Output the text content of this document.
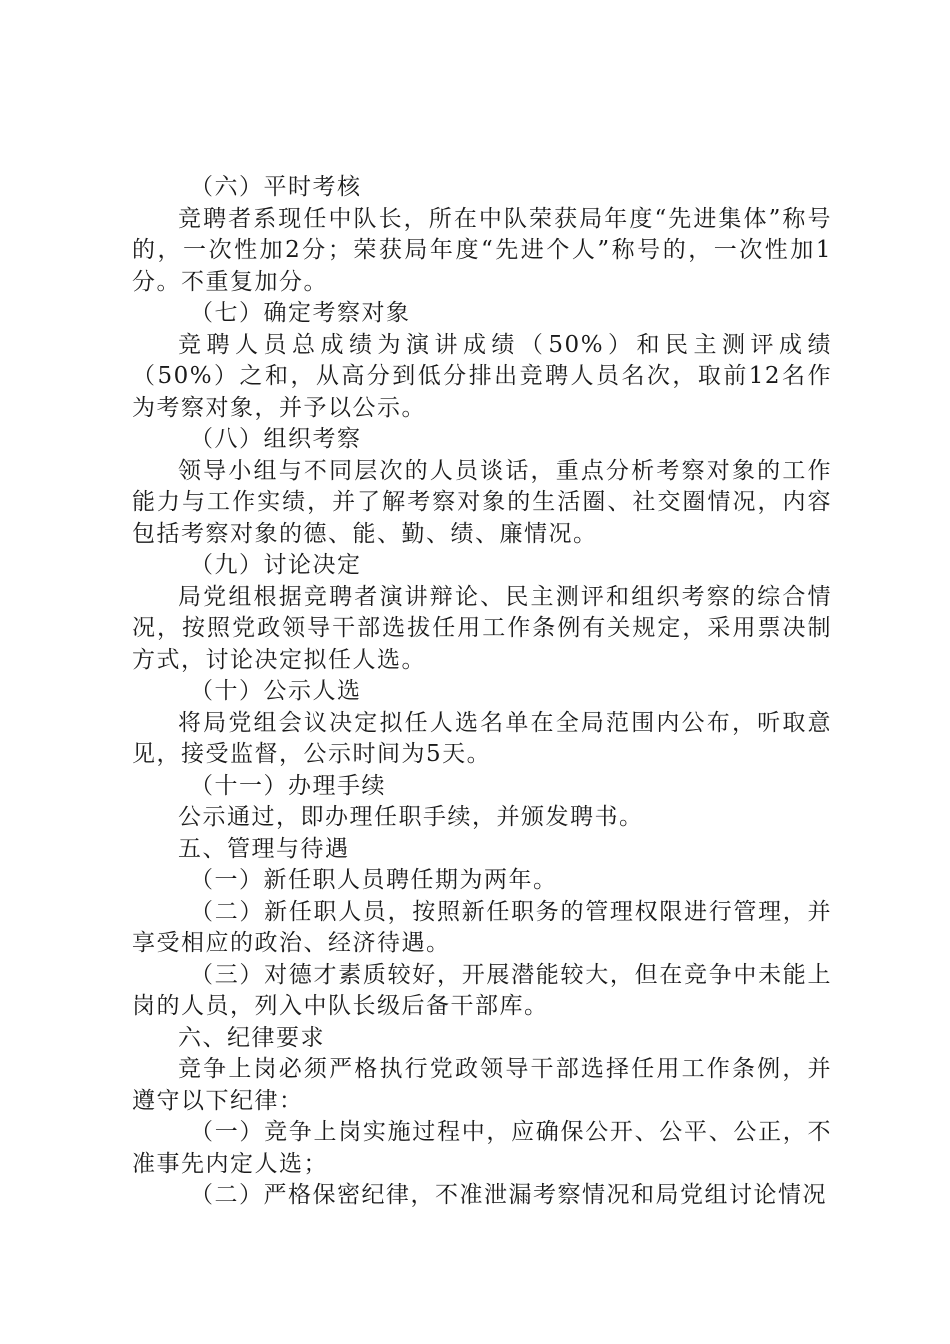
（六）平时考核

竞聘者系现任中队长，所在中队荣获局年度“先进集体”称号的，一次性加2分；荣获局年度“先进个人”称号的，一次性加1分。不重复加分。

（七）确定考察对象

竞聘人员总成绩为演讲成绩（50%）和民主测评成绩（50%）之和，从高分到低分排出竞聘人员名次，取前12名作为考察对象，并予以公示。

（八）组织考察

领导小组与不同层次的人员谈话，重点分析考察对象的工作能力与工作实绩，并了解考察对象的生活圈、社交圈情况，内容包括考察对象的德、能、勤、绩、廉情况。

（九）讨论决定

局党组根据竞聘者演讲辩论、民主测评和组织考察的综合情况，按照党政领导干部选拔任用工作条例有关规定，采用票决制方式，讨论决定拟任人选。

（十）公示人选

将局党组会议决定拟任人选名单在全局范围内公布，听取意见，接受监督，公示时间为5天。

（十一）办理手续

公示通过，即办理任职手续，并颁发聘书。

五、管理与待遇

（一）新任职人员聘任期为两年。

（二）新任职人员，按照新任职务的管理权限进行管理，并享受相应的政治、经济待遇。

（三）对德才素质较好，开展潜能较大，但在竞争中未能上岗的人员，列入中队长级后备干部库。

六、纪律要求

竞争上岗必须严格执行党政领导干部选择任用工作条例，并遵守以下纪律：

（一）竞争上岗实施过程中，应确保公开、公平、公正，不准事先内定人选；

（二）严格保密纪律，不准泄漏考察情况和局党组讨论情况
